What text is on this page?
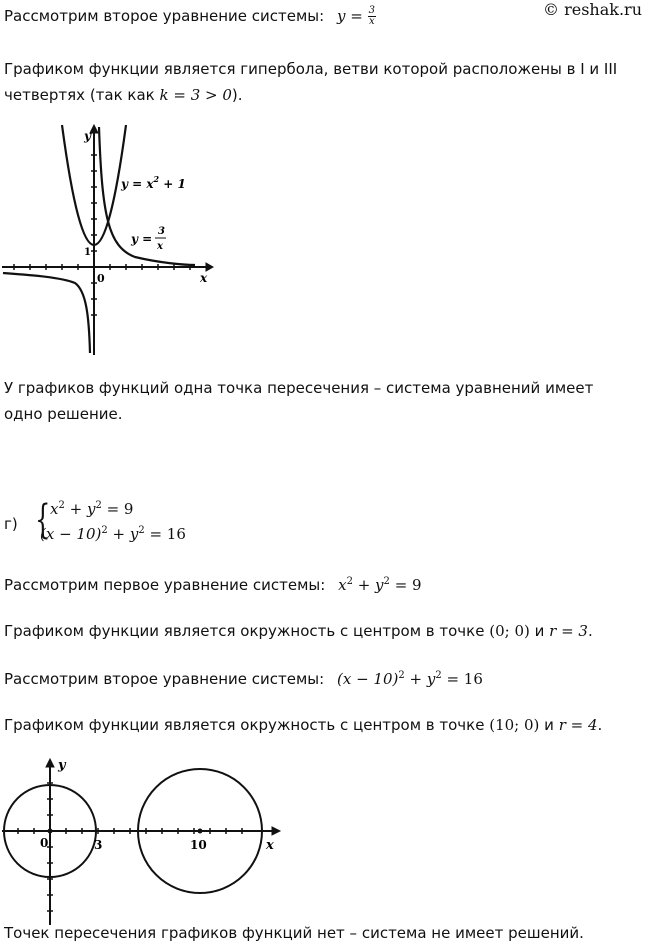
© reshak.ru
Рассмотрим второе уравнение системы: $y = \frac{3}{x}$
Графиком функции является гипербола, ветви которой расположены в I и III
четвертях (так как k = 3 > 0).
y
x
0
1
$y = x^2 + 1$
y =
3
x
У графиков функций одна точка пересечения – система уравнений имеет
одно решение.
г) { $x^2 + y^2 = 9$
$(x - 10)^2 + y^2 = 16$
Рассмотрим первое уравнение системы: $x^2 + y^2 = 9$
Графиком функции является окружность с центром в точке (0; 0) и r = 3.
Рассмотрим второе уравнение системы: $(x - 10)^2 + y^2 = 16$
Графиком функции является окружность с центром в точке (10; 0) и r = 4.
y
x
0	3	10
Точек пересечения графиков функций нет – система не имеет решений.
